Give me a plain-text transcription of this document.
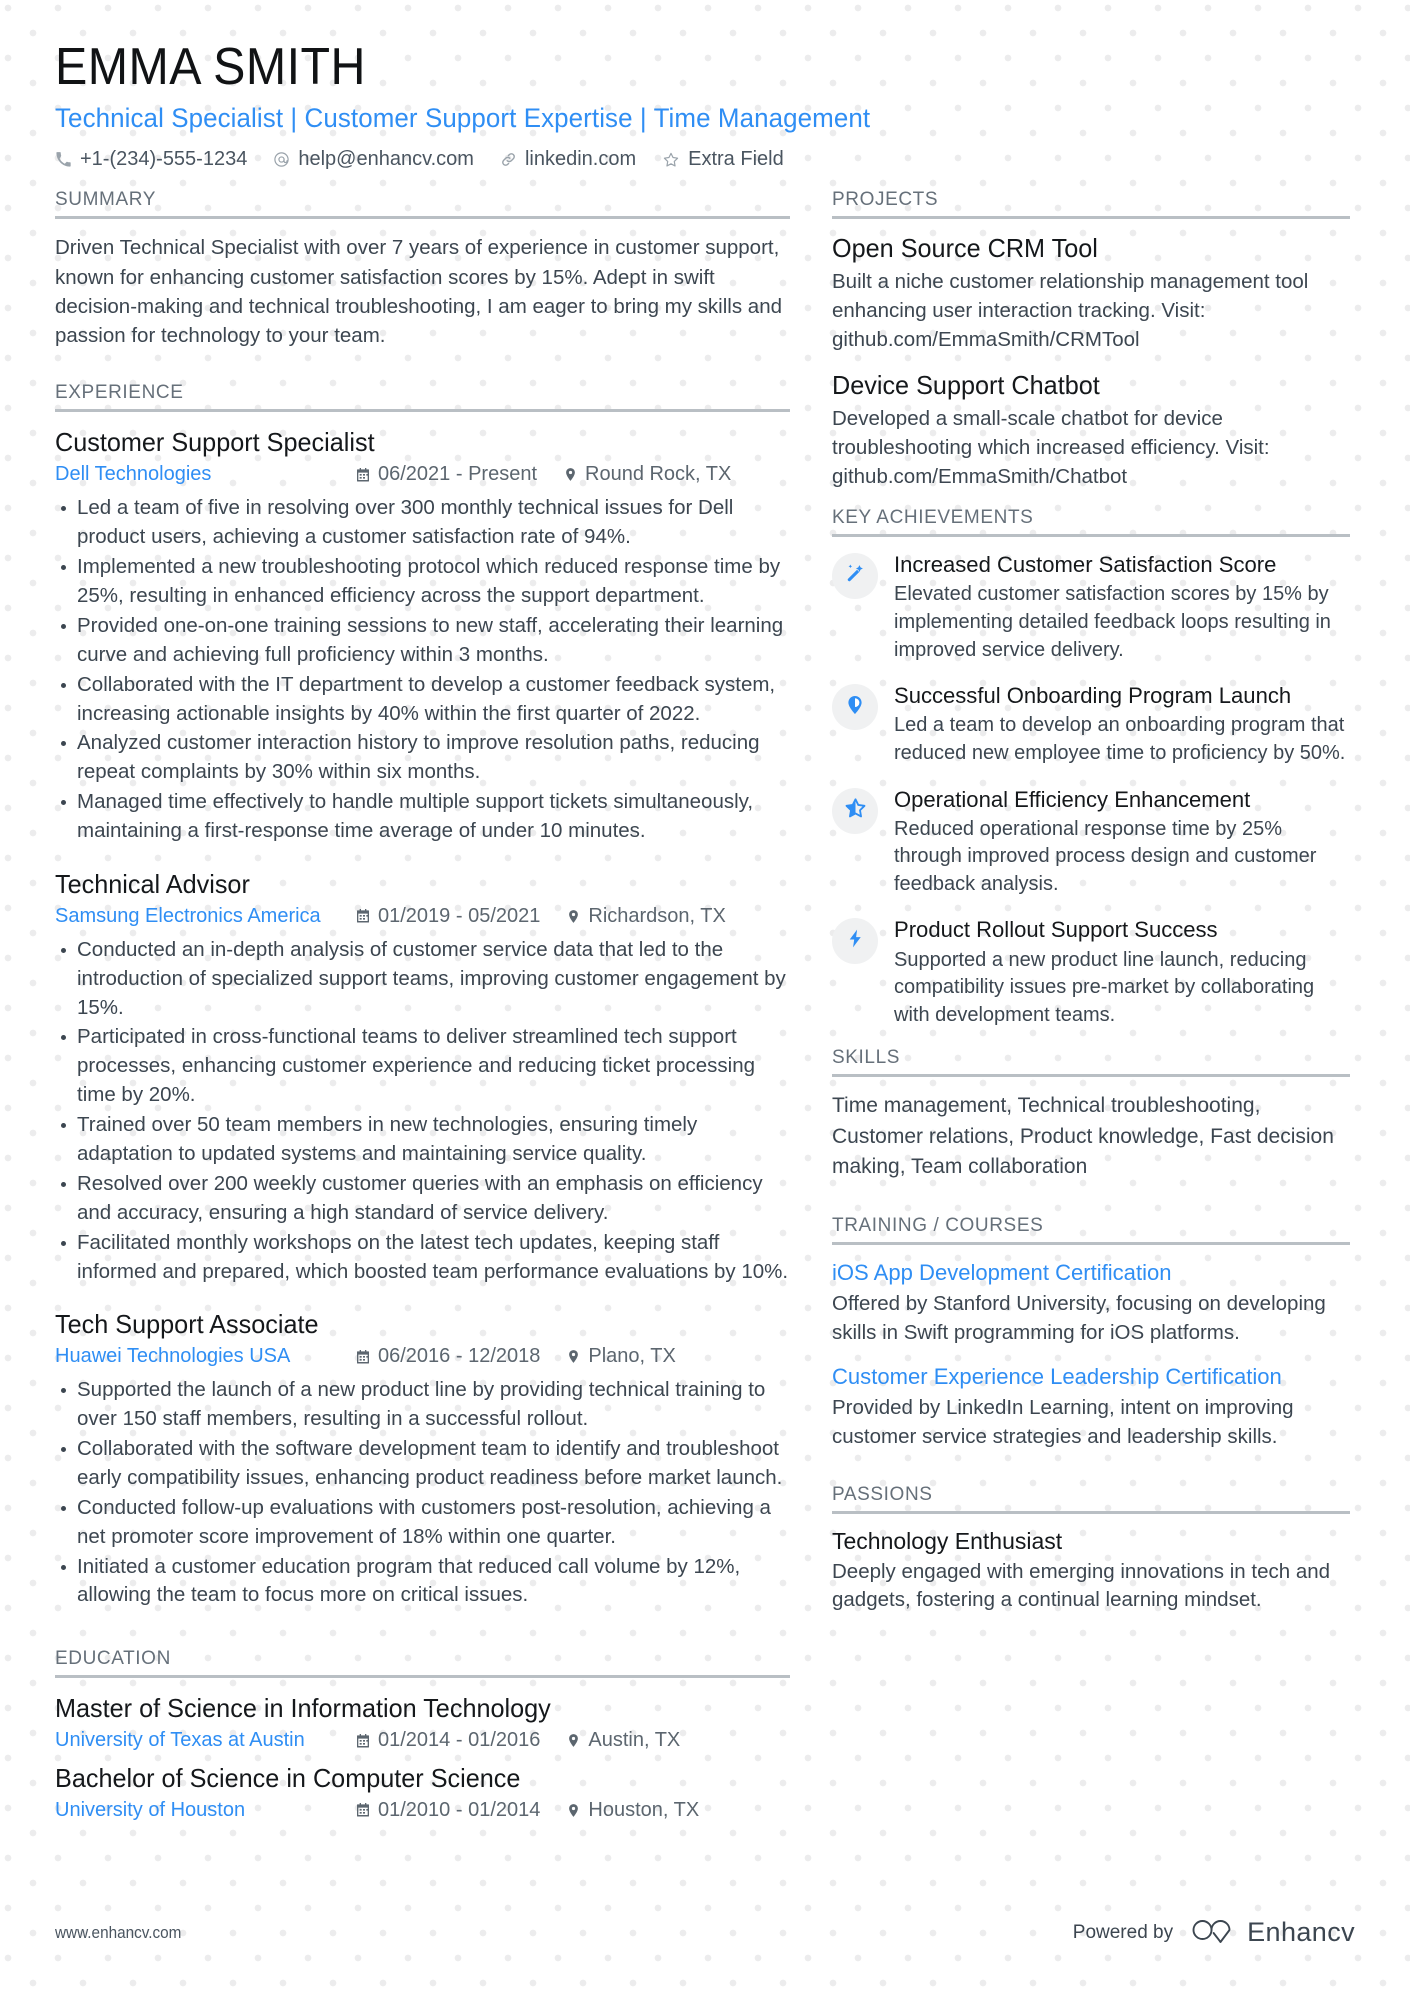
EMMA SMITH
Technical Specialist | Customer Support Expertise | Time Management
+1-(234)-555-1234	help@enhancv.com	linkedin.com	Extra Field
SUMMARY
Driven Technical Specialist with over 7 years of experience in customer support, known for enhancing customer satisfaction scores by 15%. Adept in swift decision-making and technical troubleshooting, I am eager to bring my skills and passion for technology to your team.
EXPERIENCE
Customer Support Specialist
Dell Technologies	06/2021 - Present Round Rock, TX
Led a team of five in resolving over 300 monthly technical issues for Dell product users, achieving a customer satisfaction rate of 94%.
Implemented a new troubleshooting protocol which reduced response time by 25%, resulting in enhanced efficiency across the support department.
Provided one-on-one training sessions to new staff, accelerating their learning curve and achieving full proficiency within 3 months.
Collaborated with the IT department to develop a customer feedback system, increasing actionable insights by 40% within the first quarter of 2022.
Analyzed customer interaction history to improve resolution paths, reducing repeat complaints by 30% within six months.
Managed time effectively to handle multiple support tickets simultaneously, maintaining a first-response time average of under 10 minutes.
Technical Advisor
Samsung Electronics America	01/2019 - 05/2021 Richardson, TX
Conducted an in-depth analysis of customer service data that led to the introduction of specialized support teams, improving customer engagement by 15%.
Participated in cross-functional teams to deliver streamlined tech support processes, enhancing customer experience and reducing ticket processing time by 20%.
Trained over 50 team members in new technologies, ensuring timely adaptation to updated systems and maintaining service quality.
Resolved over 200 weekly customer queries with an emphasis on efficiency and accuracy, ensuring a high standard of service delivery.
Facilitated monthly workshops on the latest tech updates, keeping staff informed and prepared, which boosted team performance evaluations by 10%.
Tech Support Associate
Huawei Technologies USA	06/2016 - 12/2018 Plano, TX
Supported the launch of a new product line by providing technical training to over 150 staff members, resulting in a successful rollout.
Collaborated with the software development team to identify and troubleshoot early compatibility issues, enhancing product readiness before market launch.
Conducted follow-up evaluations with customers post-resolution, achieving a net promoter score improvement of 18% within one quarter.
Initiated a customer education program that reduced call volume by 12%, allowing the team to focus more on critical issues.
EDUCATION
Master of Science in Information Technology
University of Texas at Austin	01/2014 - 01/2016 Austin, TX
Bachelor of Science in Computer Science
University of Houston	01/2010 - 01/2014 Houston, TX
PROJECTS
Open Source CRM Tool
Built a niche customer relationship management tool enhancing user interaction tracking. Visit: github.com/EmmaSmith/CRMTool
Device Support Chatbot
Developed a small-scale chatbot for device troubleshooting which increased efficiency. Visit: github.com/EmmaSmith/Chatbot
KEY ACHIEVEMENTS
Increased Customer Satisfaction Score
Elevated customer satisfaction scores by 15% by implementing detailed feedback loops resulting in improved service delivery.
Successful Onboarding Program Launch
Led a team to develop an onboarding program that reduced new employee time to proficiency by 50%.
Operational Efficiency Enhancement
Reduced operational response time by 25% through improved process design and customer feedback analysis.
Product Rollout Support Success
Supported a new product line launch, reducing compatibility issues pre-market by collaborating with development teams.
SKILLS
Time management, Technical troubleshooting, Customer relations, Product knowledge, Fast decision making, Team collaboration
TRAINING / COURSES
iOS App Development Certification
Offered by Stanford University, focusing on developing skills in Swift programming for iOS platforms.
Customer Experience Leadership Certification
Provided by LinkedIn Learning, intent on improving customer service strategies and leadership skills.
PASSIONS
Technology Enthusiast
Deeply engaged with emerging innovations in tech and gadgets, fostering a continual learning mindset.
www.enhancv.com	Powered by	Enhancv
